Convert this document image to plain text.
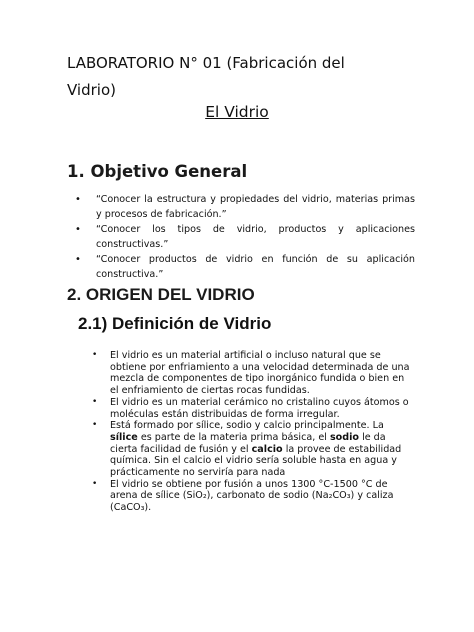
LABORATORIO N° 01 (Fabricación del Vidrio)
El Vidrio
1. Objetivo General
• “Conocer la estructura y propiedades del vidrio, materias primas y procesos de fabricación.”
• “Conocer los tipos de vidrio, productos y aplicaciones constructivas.”
• “Conocer productos de vidrio en función de su aplicación constructiva.”
2. ORIGEN DEL VIDRIO
2.1) Definición de Vidrio
• El vidrio es un material artificial o incluso natural que se obtiene por enfriamiento a una velocidad determinada de una mezcla de componentes de tipo inorgánico fundida o bien en el enfriamiento de ciertas rocas fundidas.
• El vidrio es un material cerámico no cristalino cuyos átomos o moléculas están distribuidas de forma irregular.
• Está formado por sílice, sodio y calcio principalmente. La sílice es parte de la materia prima básica, el sodio le da cierta facilidad de fusión y el calcio la provee de estabilidad química. Sin el calcio el vidrio sería soluble hasta en agua y prácticamente no serviría para nada
• El vidrio se obtiene por fusión a unos 1300 °C-1500 °C de arena de sílice (SiO₂), carbonato de sodio (Na₂CO₃) y caliza (CaCO₃).
